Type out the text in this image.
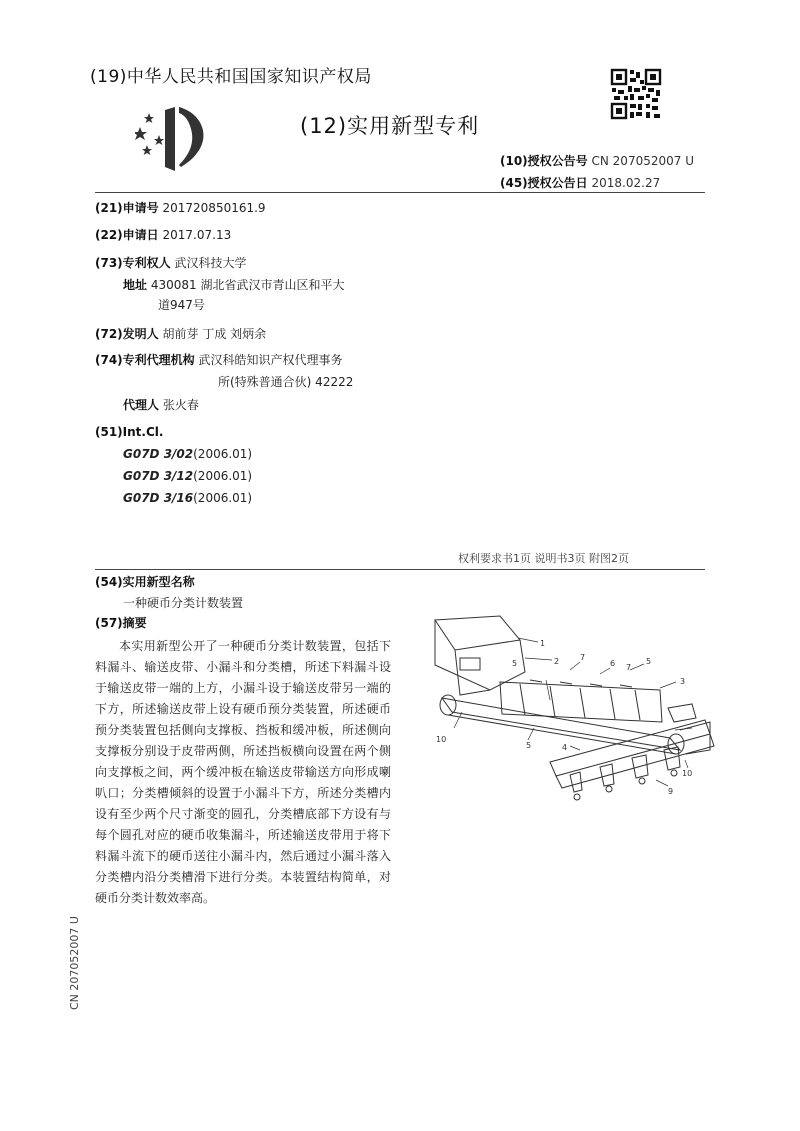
(19)中华人民共和国国家知识产权局
(12)实用新型专利
(10)授权公告号 CN 207052007 U
(45)授权公告日 2018.02.27
(21)申请号 201720850161.9
(22)申请日 2017.07.13
(73)专利权人 武汉科技大学
地址 430081 湖北省武汉市青山区和平大
道947号
(72)发明人 胡前芽 丁成 刘炳余
(74)专利代理机构 武汉科皓知识产权代理事务
所(特殊普通合伙) 42222
代理人 张火春
(51)Int.Cl.
G07D 3/02(2006.01)
G07D 3/12(2006.01)
G07D 3/16(2006.01)
权利要求书1页 说明书3页 附图2页
(54)实用新型名称
一种硬币分类计数装置
(57)摘要
本实用新型公开了一种硬币分类计数装置，包括下料漏斗、输送皮带、小漏斗和分类槽，所述下料漏斗设于输送皮带一端的上方，小漏斗设于输送皮带另一端的下方，所述输送皮带上设有硬币预分类装置，所述硬币预分类装置包括侧向支撑板、挡板和缓冲板，所述侧向支撑板分别设于皮带两侧，所述挡板横向设置在两个侧向支撑板之间，两个缓冲板在输送皮带输送方向形成喇叭口；分类槽倾斜的设置于小漏斗下方，所述分类槽内设有至少两个尺寸渐变的圆孔，分类槽底部下方设有与每个圆孔对应的硬币收集漏斗，所述输送皮带用于将下料漏斗流下的硬币送往小漏斗内，然后通过小漏斗落入分类槽内沿分类槽滑下进行分类。本装置结构简单，对硬币分类计数效率高。
CN 207052007 U
1
2	7
6 7
5
5
3
10
5	4
10
9
